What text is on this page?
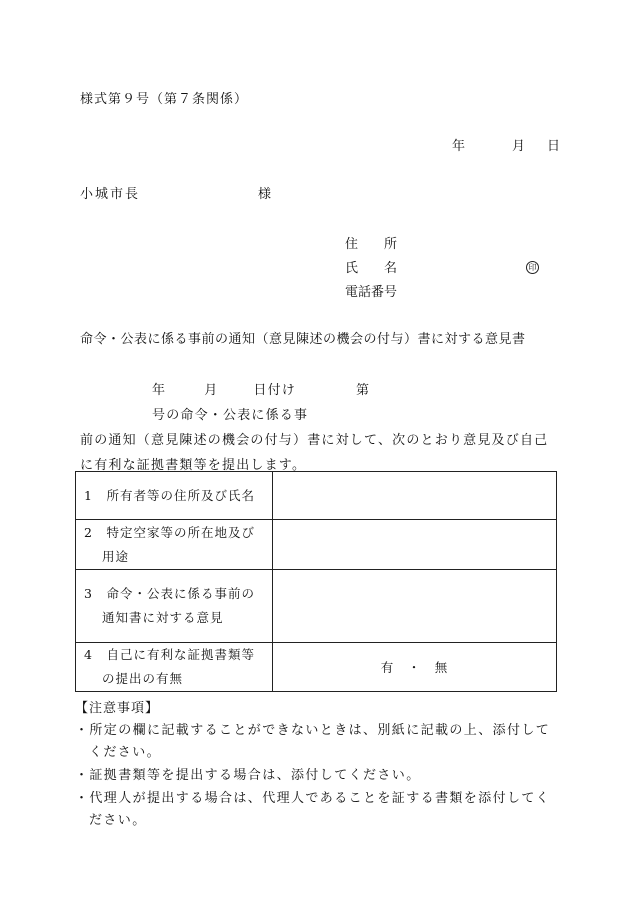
様式第９号（第７条関係）
年	月 日
小城市長	様
住　　所
氏　　名	印
電話番号
命令・公表に係る事前の通知（意見陳述の機会の付与）書に対する意見書
年	月	日付け	第号の命令・公表に係る事
前の通知（意見陳述の機会の付与）書に対して、次のとおり意見及び自己に有利な証拠書類等を提出します。
1　所有者等の住所及び氏名	

2　特定空家等の所在地及び
用途	

3　命令・公表に係る事前の
通知書に対する意見	

4　自己に有利な証拠書類等
の提出の有無	有　・　無
【注意事項】
・所定の欄に記載することができないときは、別紙に記載の上、添付してください。
・証拠書類等を提出する場合は、添付してください。
・代理人が提出する場合は、代理人であることを証する書類を添付してください。
